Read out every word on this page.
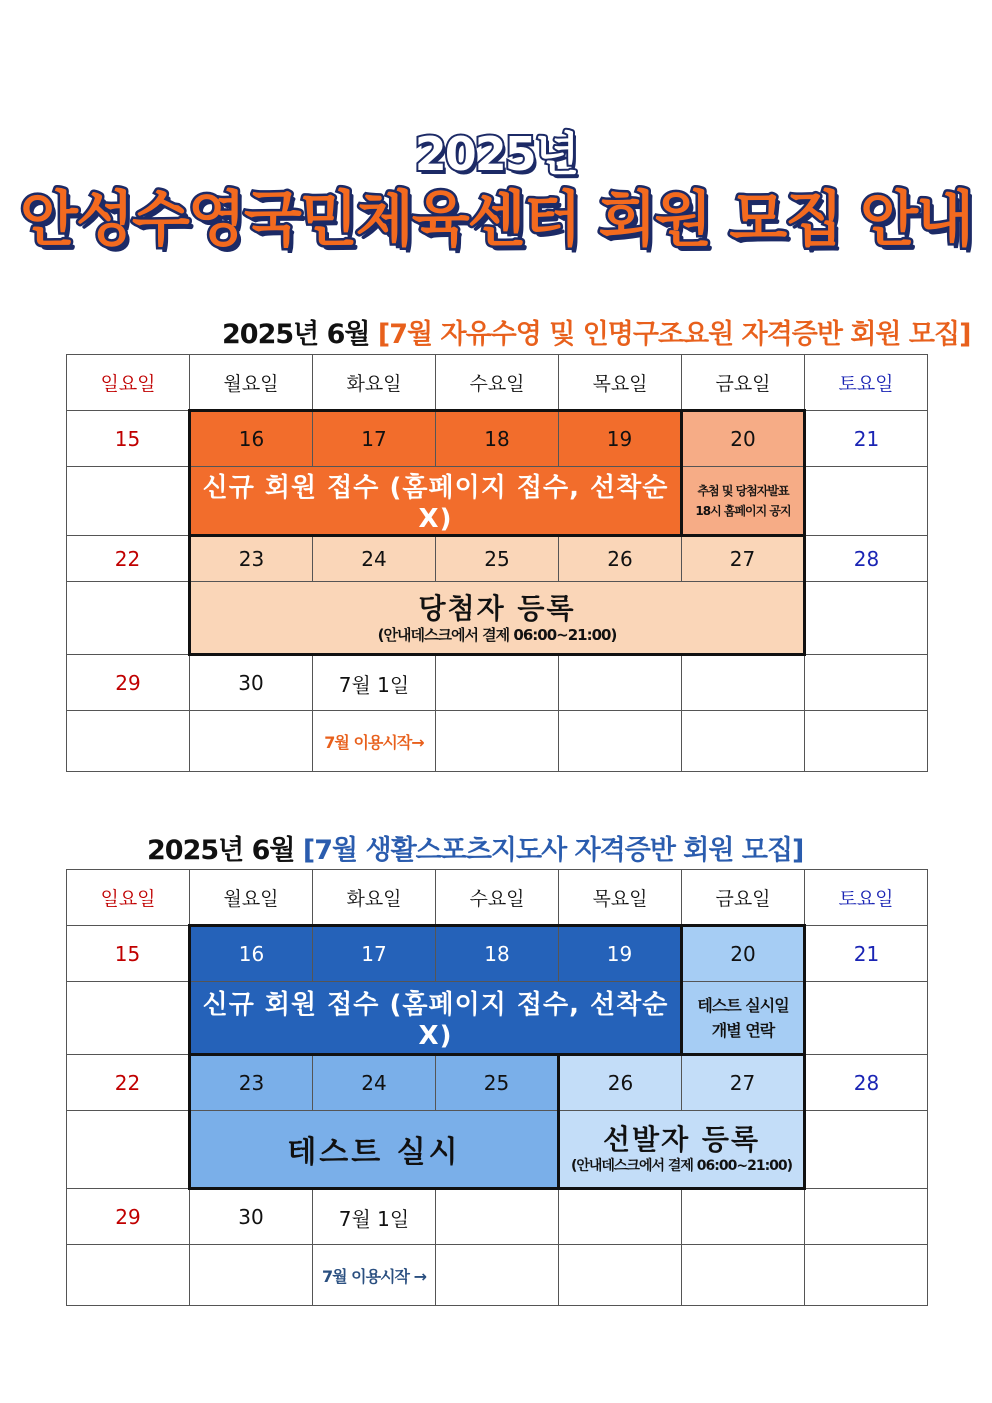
2025년
안성수영국민체육센터 회원 모집 안내
2025년 6월 [7월 자유수영 및 인명구조요원 자격증반 회원 모집]
일요일	월요일	화요일	수요일	목요일	금요일	토요일
15	16	17	18	19	20	21
	신규 회원 접수 (홈페이지 접수, 선착순X)				추첨 및 당첨자발표
18시 홈페이지 공지	

22	23	24	25	26	27	28

	당첨자 등록
(안내데스크에서 결제 06:00~21:00)					

29	30	7월 1일				
		7월 이용시작→				
2025년 6월 [7월 생활스포츠지도사 자격증반 회원 모집]
일요일	월요일	화요일	수요일	목요일	금요일	토요일
15	16	17	18	19	20	21
	신규 회원 접수 (홈페이지 접수, 선착순X)				테스트 실시일
개별 연락	

22	23	24	25	26	27	28
	테스트 실시			선발자 등록
(안내데스크에서 결제 06:00~21:00)		

29	30	7월 1일				
		7월 이용시작 →				
